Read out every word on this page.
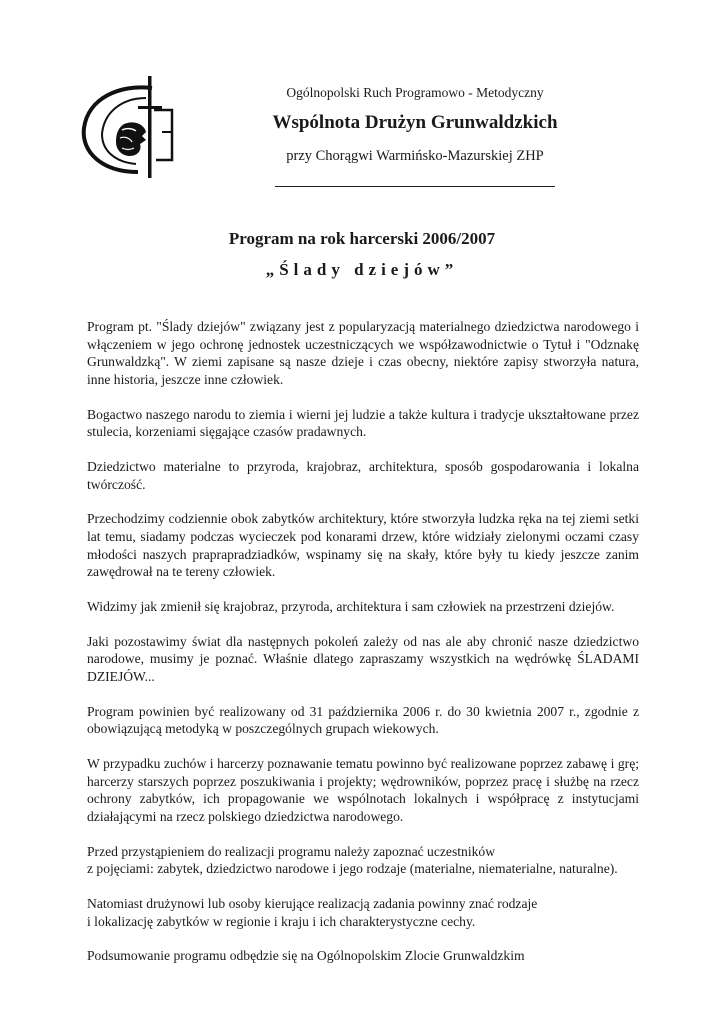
Ogólnopolski Ruch Programowo - Metodyczny
Wspólnota Drużyn Grunwaldzkich
przy Chorągwi Warmińsko-Mazurskiej ZHP
Program na rok harcerski 2006/2007
„Ślady dziejów”

Program pt. "Ślady dziejów" związany jest z popularyzacją materialnego dziedzictwa narodowego i włączeniem w jego ochronę jednostek uczestniczących we współzawodnictwie o Tytuł i "Odznakę Grunwaldzką". W ziemi zapisane są nasze dzieje i czas obecny, niektóre zapisy stworzyła natura, inne historia, jeszcze inne człowiek.

Bogactwo naszego narodu to ziemia i wierni jej ludzie a także kultura i tradycje ukształtowane przez stulecia, korzeniami sięgające czasów pradawnych.

Dziedzictwo materialne to przyroda, krajobraz, architektura, sposób gospodarowania i lokalna twórczość.

Przechodzimy codziennie obok zabytków architektury, które stworzyła ludzka ręka na tej ziemi setki lat temu, siadamy podczas wycieczek pod konarami drzew, które widziały zielonymi oczami czasy młodości naszych praprapradziadków, wspinamy się na skały, które były tu kiedy jeszcze zanim zawędrował na te tereny człowiek.

Widzimy jak zmienił się krajobraz, przyroda, architektura i sam człowiek na przestrzeni dziejów.

Jaki pozostawimy świat dla następnych pokoleń zależy od nas ale aby chronić nasze dziedzictwo narodowe, musimy je poznać. Właśnie dlatego zapraszamy wszystkich na wędrówkę ŚLADAMI DZIEJÓW...

Program powinien być realizowany od 31 października 2006 r. do 30 kwietnia 2007 r., zgodnie z obowiązującą metodyką w poszczególnych grupach wiekowych.

W przypadku zuchów i harcerzy poznawanie tematu powinno być realizowane poprzez zabawę i grę; harcerzy starszych poprzez poszukiwania i projekty; wędrowników, poprzez pracę i służbę na rzecz ochrony zabytków, ich propagowanie we wspólnotach lokalnych i współpracę z instytucjami działającymi na rzecz polskiego dziedzictwa narodowego.

Przed przystąpieniem do realizacji programu należy zapoznać uczestników
z pojęciami: zabytek, dziedzictwo narodowe i jego rodzaje (materialne, niematerialne, naturalne).

Natomiast drużynowi lub osoby kierujące realizacją zadania powinny znać rodzaje
i lokalizację zabytków w regionie i kraju i ich charakterystyczne cechy.

Podsumowanie programu odbędzie się na Ogólnopolskim Zlocie Grunwaldzkim
